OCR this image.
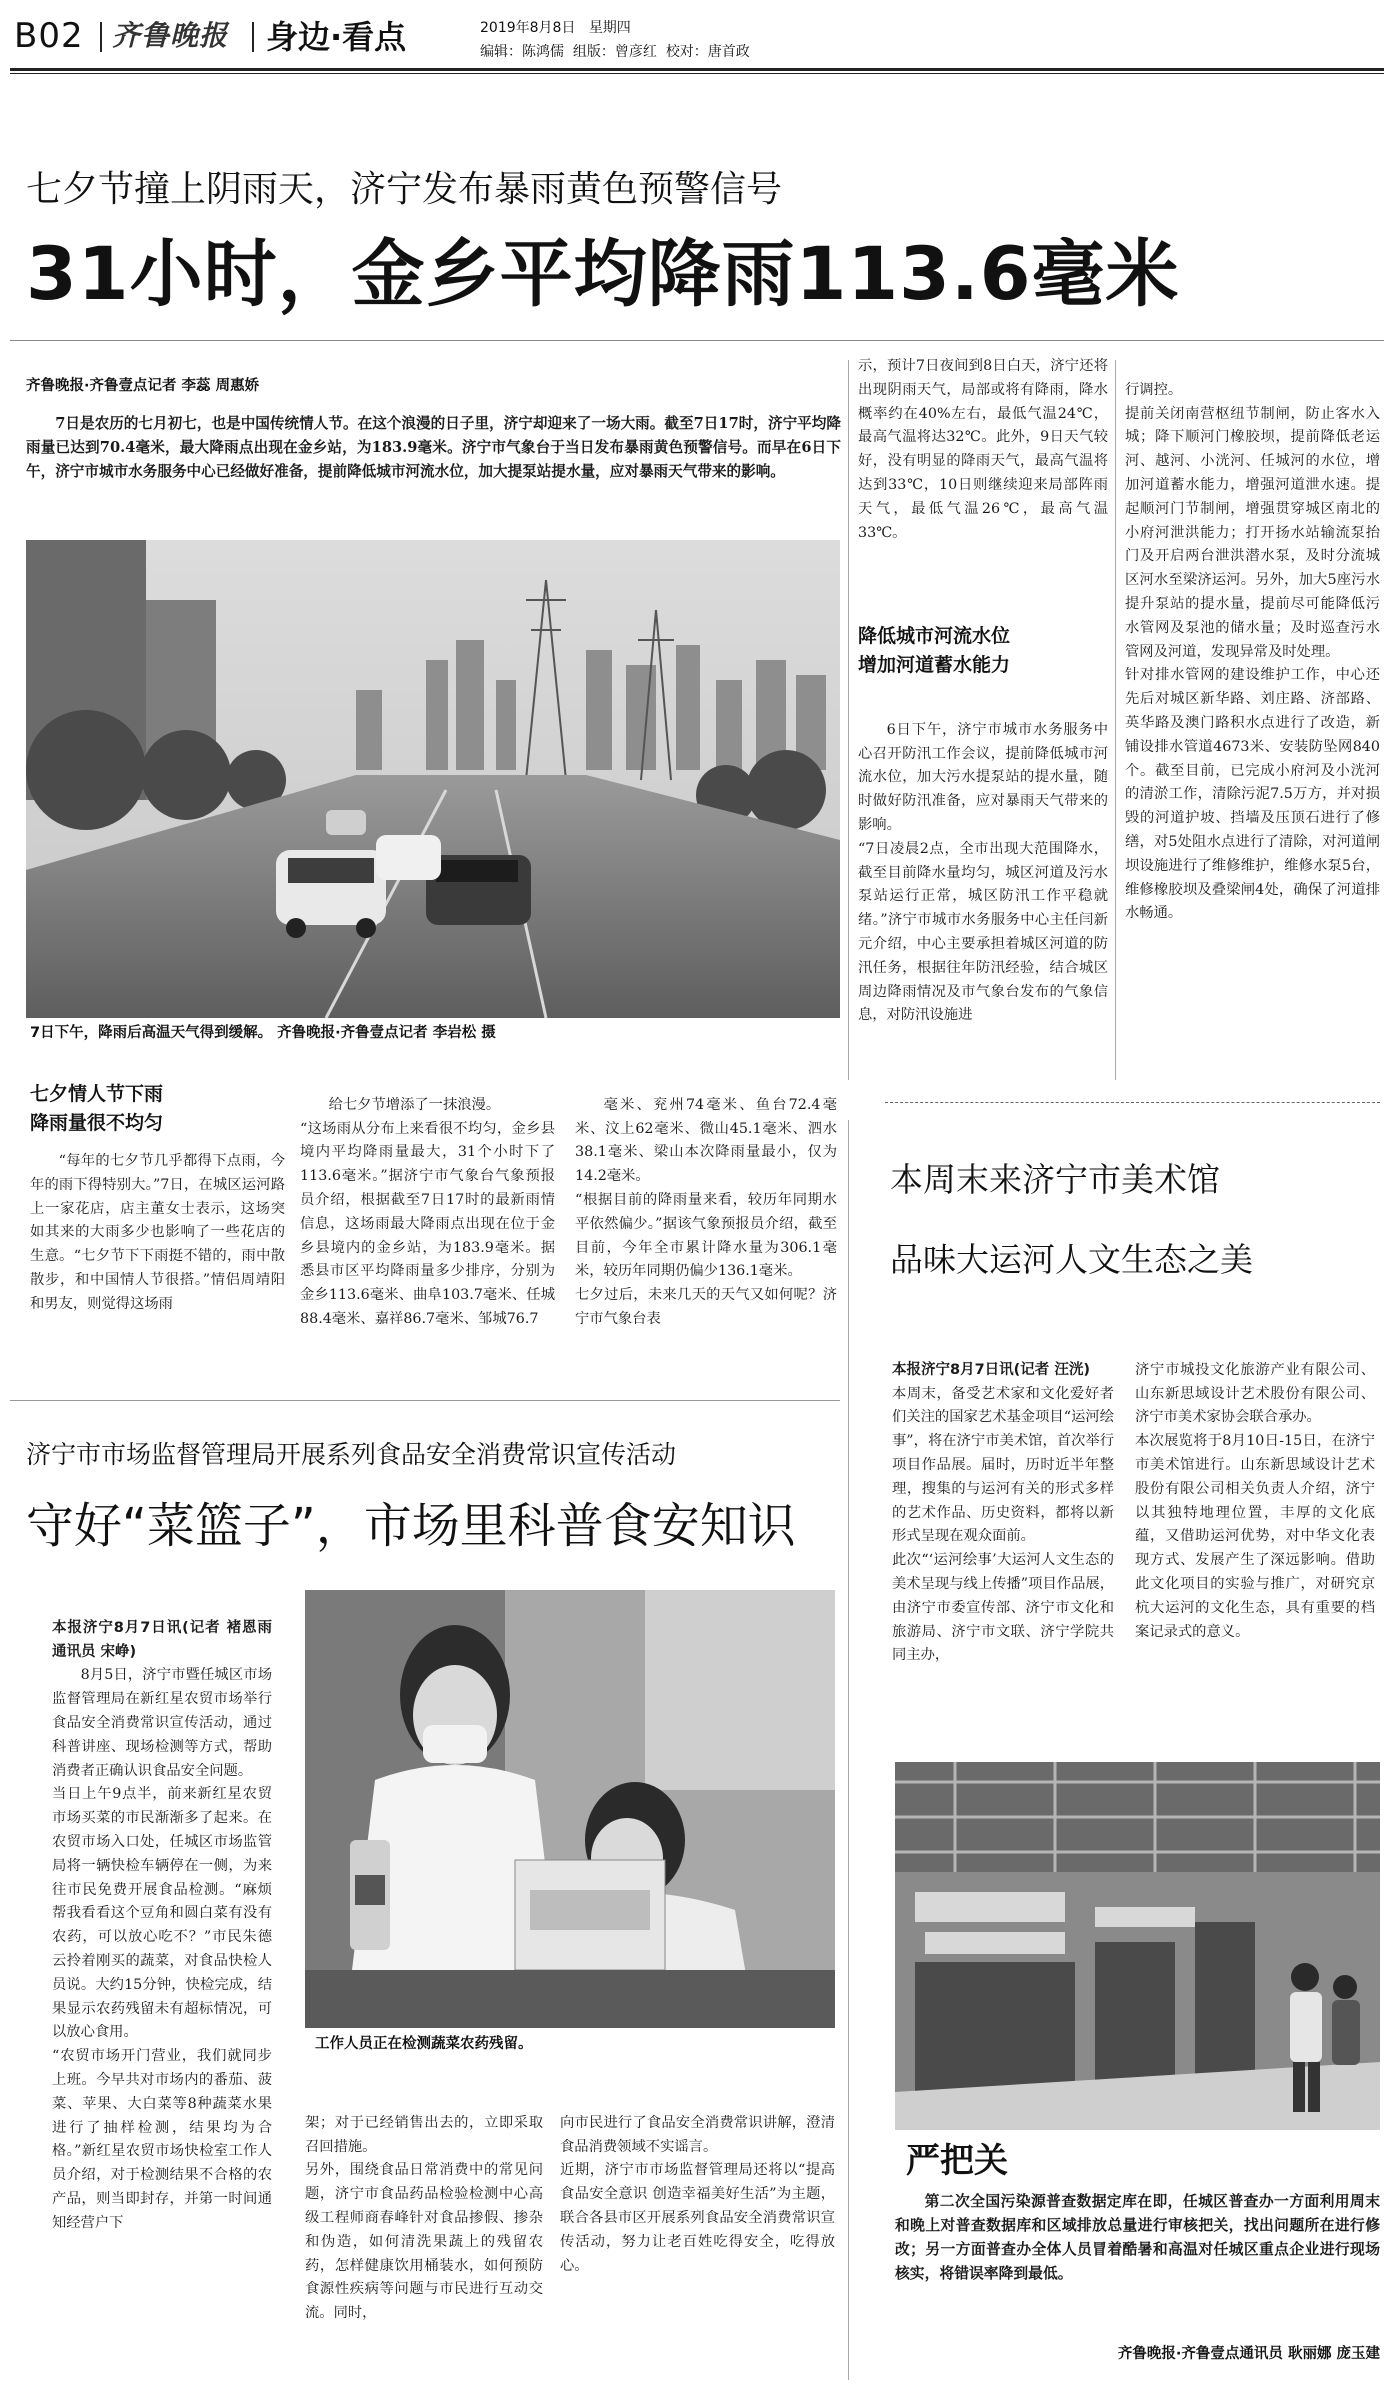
B02 齐鲁晚报 身边·看点	2019年8月8日 星期四
编辑：陈鸿儒 组版：曾彦红 校对：唐首政
七夕节撞上阴雨天，济宁发布暴雨黄色预警信号
31小时，金乡平均降雨113.6毫米
齐鲁晚报·齐鲁壹点记者 李蕊 周惠娇

7日是农历的七月初七，也是中国传统情人节。在这个浪漫的日子里，济宁却迎来了一场大雨。截至7日17时，济宁平均降雨量已达到70.4毫米，最大降雨点出现在金乡站，为183.9毫米。济宁市气象台于当日发布暴雨黄色预警信号。而早在6日下午，济宁市城市水务服务中心已经做好准备，提前降低城市河流水位，加大提泵站提水量，应对暴雨天气带来的影响。

7日下午，降雨后高温天气得到缓解。 齐鲁晚报·齐鲁壹点记者 李岩松 摄
七夕情人节下雨
降雨量很不均匀

“每年的七夕节几乎都得下点雨，今年的雨下得特别大。”7日，在城区运河路上一家花店，店主董女士表示，这场突如其来的大雨多少也影响了一些花店的生意。“七夕节下下雨挺不错的，雨中散散步，和中国情人节很搭。”情侣周靖阳和男友，则觉得这场雨

给七夕节增添了一抹浪漫。
“这场雨从分布上来看很不均匀，金乡县境内平均降雨量最大，31个小时下了113.6毫米。”据济宁市气象台气象预报员介绍，根据截至7日17时的最新雨情信息，这场雨最大降雨点出现在位于金乡县境内的金乡站，为183.9毫米。据悉县市区平均降雨量多少排序，分别为金乡113.6毫米、曲阜103.7毫米、任城88.4毫米、嘉祥86.7毫米、邹城76.7

毫米、兖州74毫米、鱼台72.4毫米、汶上62毫米、微山45.1毫米、泗水38.1毫米、梁山本次降雨量最小，仅为14.2毫米。
“根据目前的降雨量来看，较历年同期水平依然偏少。”据该气象预报员介绍，截至目前，今年全市累计降水量为306.1毫米，较历年同期仍偏少136.1毫米。
七夕过后，未来几天的天气又如何呢？济宁市气象台表

示，预计7日夜间到8日白天，济宁还将出现阴雨天气，局部或将有降雨，降水概率约在40%左右，最低气温24℃，最高气温将达32℃。此外，9日天气较好，没有明显的降雨天气，最高气温将达到33℃，10日则继续迎来局部阵雨天气，最低气温26℃，最高气温33℃。

降低城市河流水位
增加河道蓄水能力

6日下午，济宁市城市水务服务中心召开防汛工作会议，提前降低城市河流水位，加大污水提泵站的提水量，随时做好防汛准备，应对暴雨天气带来的影响。
“7日凌晨2点，全市出现大范围降水，截至目前降水量均匀，城区河道及污水泵站运行正常，城区防汛工作平稳就绪。”济宁市城市水务服务中心主任闫新元介绍，中心主要承担着城区河道的防汛任务，根据往年防汛经验，结合城区周边降雨情况及市气象台发布的气象信息，对防汛设施进

行调控。
提前关闭南营枢纽节制闸，防止客水入城；降下顺河门橡胶坝，提前降低老运河、越河、小洸河、任城河的水位，增加河道蓄水能力，增强河道泄水速。提起顺河门节制闸，增强贯穿城区南北的小府河泄洪能力；打开扬水站输流泵抬门及开启两台泄洪潜水泵，及时分流城区河水至梁济运河。另外，加大5座污水提升泵站的提水量，提前尽可能降低污水管网及泵池的储水量；及时巡查污水管网及河道，发现异常及时处理。
针对排水管网的建设维护工作，中心还先后对城区新华路、刘庄路、济部路、英华路及澳门路积水点进行了改造，新铺设排水管道4673米、安装防坠网840个。截至目前，已完成小府河及小洸河的清淤工作，清除污泥7.5万方，并对损毁的河道护坡、挡墙及压顶石进行了修缮，对5处阻水点进行了清除，对河道闸坝设施进行了维修维护，维修水泵5台，维修橡胶坝及叠梁闸4处，确保了河道排水畅通。

本周末来济宁市美术馆
品味大运河人文生态之美

本报济宁8月7日讯(记者 汪洸)

本周末，备受艺术家和文化爱好者们关注的国家艺术基金项目“运河绘事”，将在济宁市美术馆，首次举行项目作品展。届时，历时近半年整理，搜集的与运河有关的形式多样的艺术作品、历史资料，都将以新形式呈现在观众面前。
此次“‘运河绘事’大运河人文生态的美术呈现与线上传播”项目作品展，由济宁市委宣传部、济宁市文化和旅游局、济宁市文联、济宁学院共同主办，

济宁市城投文化旅游产业有限公司、山东新思域设计艺术股份有限公司、济宁市美术家协会联合承办。
本次展览将于8月10日-15日，在济宁市美术馆进行。山东新思域设计艺术股份有限公司相关负责人介绍，济宁以其独特地理位置，丰厚的文化底蕴，又借助运河优势，对中华文化表现方式、发展产生了深远影响。借助此文化项目的实验与推广，对研究京杭大运河的文化生态，具有重要的档案记录式的意义。

严把关

第二次全国污染源普查数据定库在即，任城区普查办一方面利用周末和晚上对普查数据库和区域排放总量进行审核把关，找出问题所在进行修改；另一方面普查办全体人员冒着酷暑和高温对任城区重点企业进行现场核实，将错误率降到最低。

齐鲁晚报·齐鲁壹点通讯员 耿丽娜 庞玉建
济宁市市场监督管理局开展系列食品安全消费常识宣传活动
守好“菜篮子”，市场里科普食安知识

本报济宁8月7日讯(记者 褚恩雨 通讯员 宋峥)

8月5日，济宁市暨任城区市场监督管理局在新红星农贸市场举行食品安全消费常识宣传活动，通过科普讲座、现场检测等方式，帮助消费者正确认识食品安全问题。
当日上午9点半，前来新红星农贸市场买菜的市民渐渐多了起来。在农贸市场入口处，任城区市场监管局将一辆快检车辆停在一侧，为来往市民免费开展食品检测。“麻烦帮我看看这个豆角和圆白菜有没有农药，可以放心吃不？”市民朱德云拎着刚买的蔬菜，对食品快检人员说。大约15分钟，快检完成，结果显示农药残留未有超标情况，可以放心食用。
“农贸市场开门营业，我们就同步上班。今早共对市场内的番茄、菠菜、苹果、大白菜等8种蔬菜水果进行了抽样检测，结果均为合格。”新红星农贸市场快检室工作人员介绍，对于检测结果不合格的农产品，则当即封存，并第一时间通知经营户下

工作人员正在检测蔬菜农药残留。

架；对于已经销售出去的，立即采取召回措施。
另外，围绕食品日常消费中的常见问题，济宁市食品药品检验检测中心高级工程师商春峰针对食品掺假、掺杂和伪造，如何清洗果蔬上的残留农药，怎样健康饮用桶装水，如何预防食源性疾病等问题与市民进行互动交流。同时，

向市民进行了食品安全消费常识讲解，澄清食品消费领域不实谣言。
近期，济宁市市场监督管理局还将以“提高食品安全意识 创造幸福美好生活”为主题，联合各县市区开展系列食品安全消费常识宣传活动，努力让老百姓吃得安全，吃得放心。
